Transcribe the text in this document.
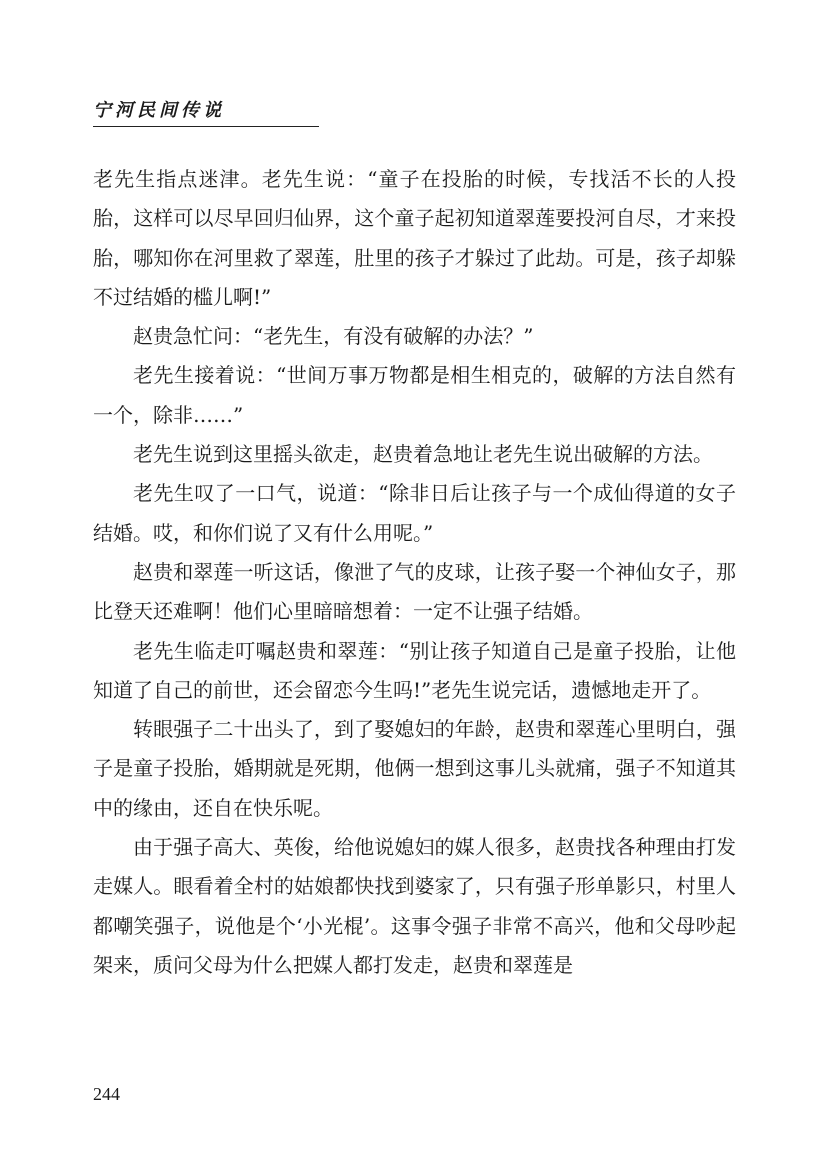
宁河民间传说

老先生指点迷津。老先生说：“童子在投胎的时候，专找活不长的人投胎，这样可以尽早回归仙界，这个童子起初知道翠莲要投河自尽，才来投胎，哪知你在河里救了翠莲，肚里的孩子才躲过了此劫。可是，孩子却躲不过结婚的槛儿啊!”

赵贵急忙问：“老先生，有没有破解的办法？”

老先生接着说：“世间万事万物都是相生相克的，破解的方法自然有一个，除非……”

老先生说到这里摇头欲走，赵贵着急地让老先生说出破解的方法。

老先生叹了一口气，说道：“除非日后让孩子与一个成仙得道的女子结婚。哎，和你们说了又有什么用呢。”

赵贵和翠莲一听这话，像泄了气的皮球，让孩子娶一个神仙女子，那比登天还难啊！他们心里暗暗想着：一定不让强子结婚。

老先生临走叮嘱赵贵和翠莲：“别让孩子知道自己是童子投胎，让他知道了自己的前世，还会留恋今生吗!”老先生说完话，遗憾地走开了。

转眼强子二十出头了，到了娶媳妇的年龄，赵贵和翠莲心里明白，强子是童子投胎，婚期就是死期，他俩一想到这事儿头就痛，强子不知道其中的缘由，还自在快乐呢。

由于强子高大、英俊，给他说媳妇的媒人很多，赵贵找各种理由打发走媒人。眼看着全村的姑娘都快找到婆家了，只有强子形单影只，村里人都嘲笑强子，说他是个‘小光棍’。这事令强子非常不高兴，他和父母吵起架来，质问父母为什么把媒人都打发走，赵贵和翠莲是

244
